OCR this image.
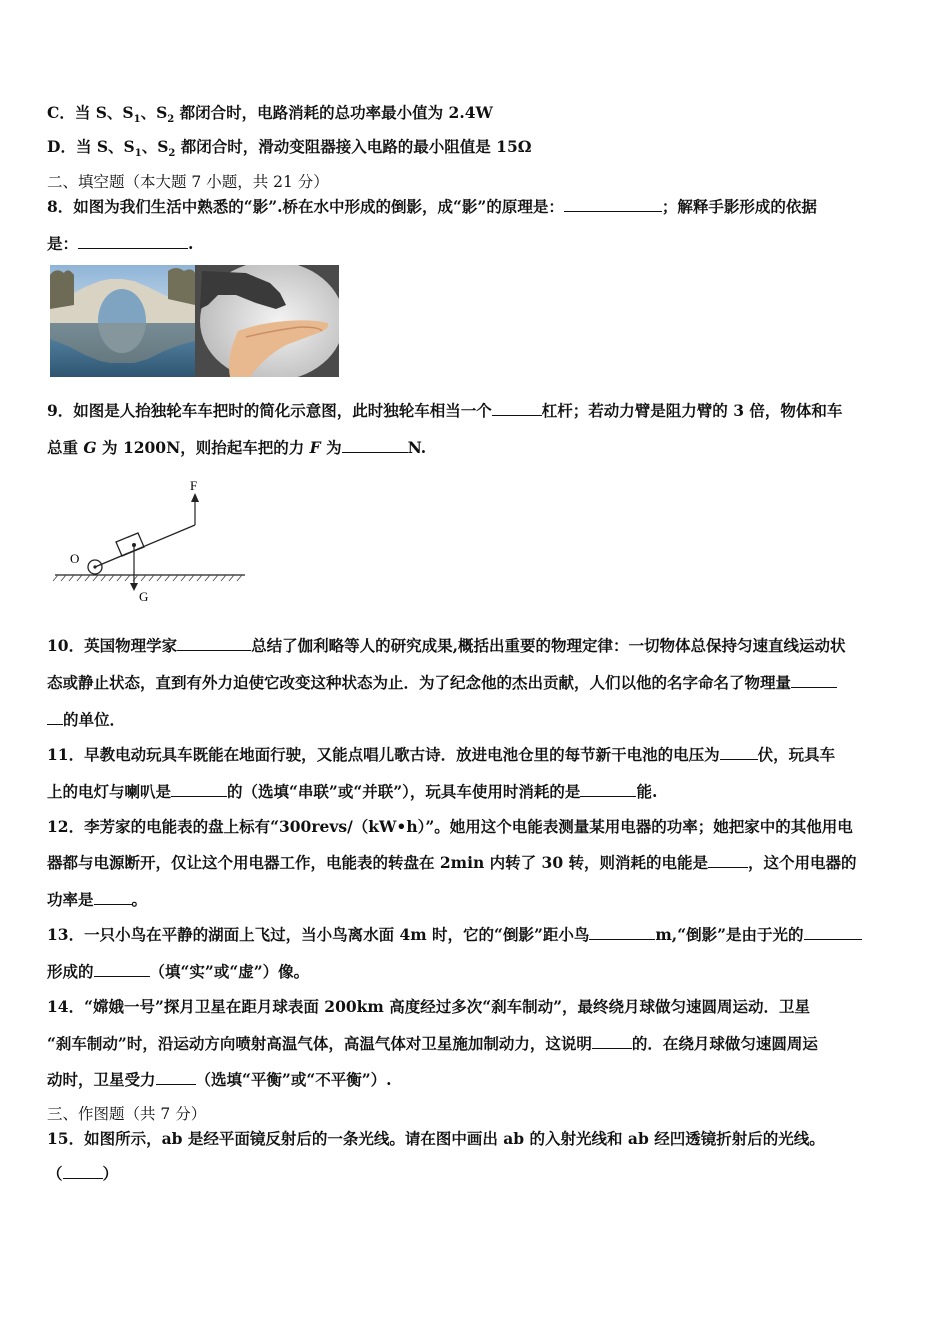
C．当 S、$S_1$、$S_2$ 都闭合时，电路消耗的总功率最小值为 2.4W
D．当 S、$S_1$、$S_2$ 都闭合时，滑动变阻器接入电路的最小阻值是 15Ω
二、填空题（本大题 7 小题，共 21 分）
8．如图为我们生活中熟悉的“影”.桥在水中形成的倒影，成“影”的原理是：	；解释手影形成的依据
是：	.
9．如图是人抬独轮车车把时的简化示意图，此时独轮车相当一个	杠杆；若动力臂是阻力臂的 3 倍，物体和车
总重 G 为 1200N，则抬起车把的力 F 为	N.
F
O
G
10．英国物理学家	总结了伽利略等人的研究成果,概括出重要的物理定律：一切物体总保持匀速直线运动状
态或静止状态，直到有外力迫使它改变这种状态为止．为了纪念他的杰出贡献，人们以他的名字命名了物理量
的单位．
11．早教电动玩具车既能在地面行驶，又能点唱儿歌古诗．放进电池仓里的每节新干电池的电压为 伏，玩具车
上的电灯与喇叭是	的（选填“串联”或“并联”），玩具车使用时消耗的是	能.
12．李芳家的电能表的盘上标有“300revs/（kW•h）”。她用这个电能表测量某用电器的功率；她把家中的其他用电
器都与电源断开，仅让这个用电器工作，电能表的转盘在 2min 内转了 30 转，则消耗的电能是	，这个用电器的
功率是 。
13．一只小鸟在平静的湖面上飞过，当小鸟离水面 4m 时，它的“倒影”距小鸟	m,“倒影”是由于光的
形成的	（填“实”或“虚”）像。
14．“嫦娥一号”探月卫星在距月球表面 200km 高度经过多次“刹车制动”，最终绕月球做匀速圆周运动．卫星
“刹车制动”时，沿运动方向喷射高温气体，高温气体对卫星施加制动力，这说明	的．在绕月球做匀速圆周运
动时，卫星受力	（选填“平衡”或“不平衡”）.
三、作图题（共 7 分）
15．如图所示，ab 是经平面镜反射后的一条光线。请在图中画出 ab 的入射光线和 ab 经凹透镜折射后的光线。
（	）
